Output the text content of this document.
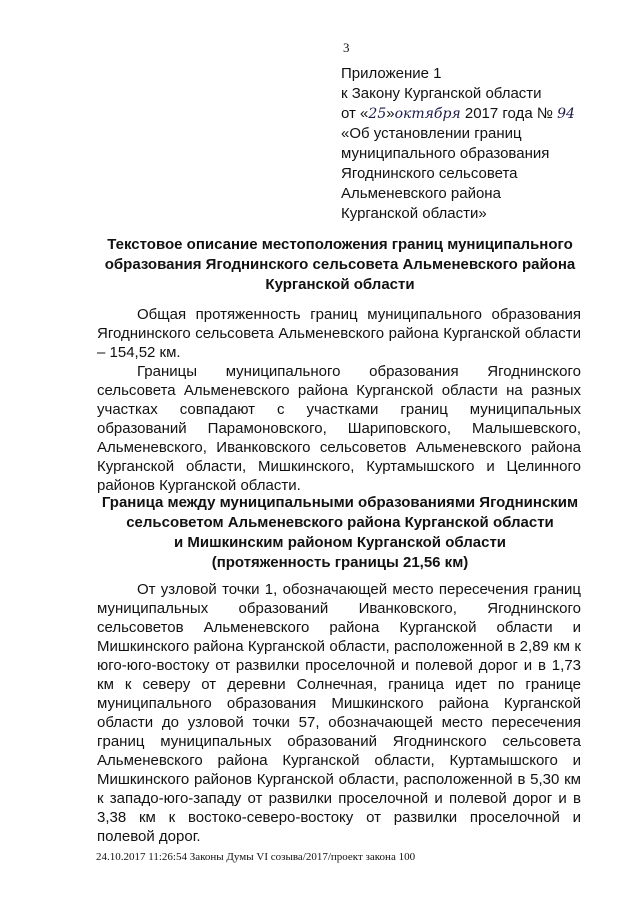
3
Приложение 1
к Закону Курганской области
от «25»октября 2017 года № 94
«Об установлении границ
муниципального образования
Ягоднинского сельсовета
Альменевского района
Курганской области»
Текстовое описание местоположения границ муниципального
образования Ягоднинского сельсовета Альменевского района
Курганской области

Общая протяженность границ муниципального образования Ягоднинского сельсовета Альменевского района Курганской области – 154,52 км.

Границы муниципального образования Ягоднинского сельсовета Альменевского района Курганской области на разных участках совпадают с участками границ муниципальных образований Парамоновского, Шариповского, Малышевского, Альменевского, Иванковского сельсоветов Альменевского района Курганской области, Мишкинского, Куртамышского и Целинного районов Курганской области.

Граница между муниципальными образованиями Ягоднинским
сельсоветом Альменевского района Курганской области
и Мишкинским районом Курганской области
(протяженность границы 21,56 км)

От узловой точки 1, обозначающей место пересечения границ муниципальных образований Иванковского, Ягоднинского сельсоветов Альменевского района Курганской области и Мишкинского района Курганской области, расположенной в 2,89 км к юго-юго-востоку от развилки проселочной и полевой дорог и в 1,73 км к северу от деревни Солнечная, граница идет по границе муниципального образования Мишкинского района Курганской области до узловой точки 57, обозначающей место пересечения границ муниципальных образований Ягоднинского сельсовета Альменевского района Курганской области, Куртамышского и Мишкинского районов Курганской области, расположенной в 5,30 км к западо-юго-западу от развилки проселочной и полевой дорог и в 3,38 км к востоко-северо-востоку от развилки проселочной и полевой дорог.

24.10.2017 11:26:54 Законы Думы VI созыва/2017/проект закона 100
